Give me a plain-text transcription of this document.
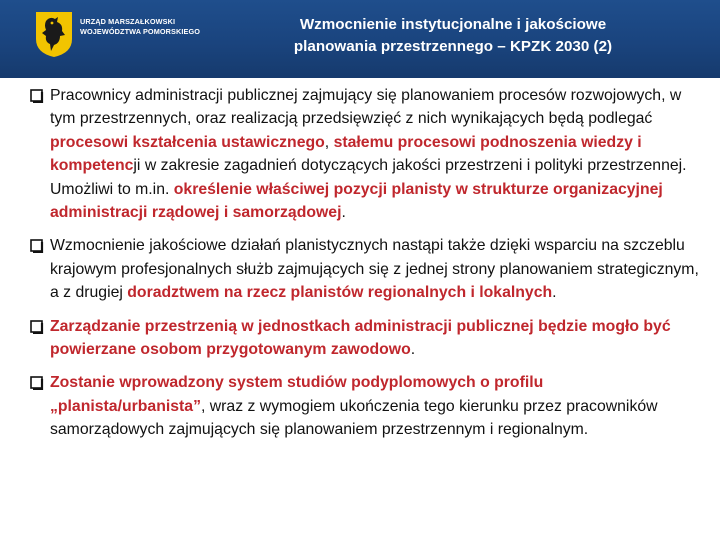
URZĄD MARSZAŁKOWSKI
WOJEWÓDZTWA POMORSKIEGO	Wzmocnienie instytucjonalne i jakościowe
planowania przestrzennego – KPZK 2030 (2)
Pracownicy administracji publicznej zajmujący się planowaniem procesów rozwojowych, w tym przestrzennych, oraz realizacją przedsięwzięć z nich wynikających będą podlegać procesowi kształcenia ustawicznego, stałemu procesowi podnoszenia wiedzy i kompetencji w zakresie zagadnień dotyczących jakości przestrzeni i polityki przestrzennej. Umożliwi to m.in. określenie właściwej pozycji planisty w strukturze organizacyjnej administracji rządowej i samorządowej.
Wzmocnienie jakościowe działań planistycznych nastąpi także dzięki wsparciu na szczeblu krajowym profesjonalnych służb zajmujących się z jednej strony planowaniem strategicznym, a z drugiej doradztwem na rzecz planistów regionalnych i lokalnych.
Zarządzanie przestrzenią w jednostkach administracji publicznej będzie mogło być powierzane osobom przygotowanym zawodowo.
Zostanie wprowadzony system studiów podyplomowych o profilu „planista/urbanista”, wraz z wymogiem ukończenia tego kierunku przez pracowników samorządowych zajmujących się planowaniem przestrzennym i regionalnym.
